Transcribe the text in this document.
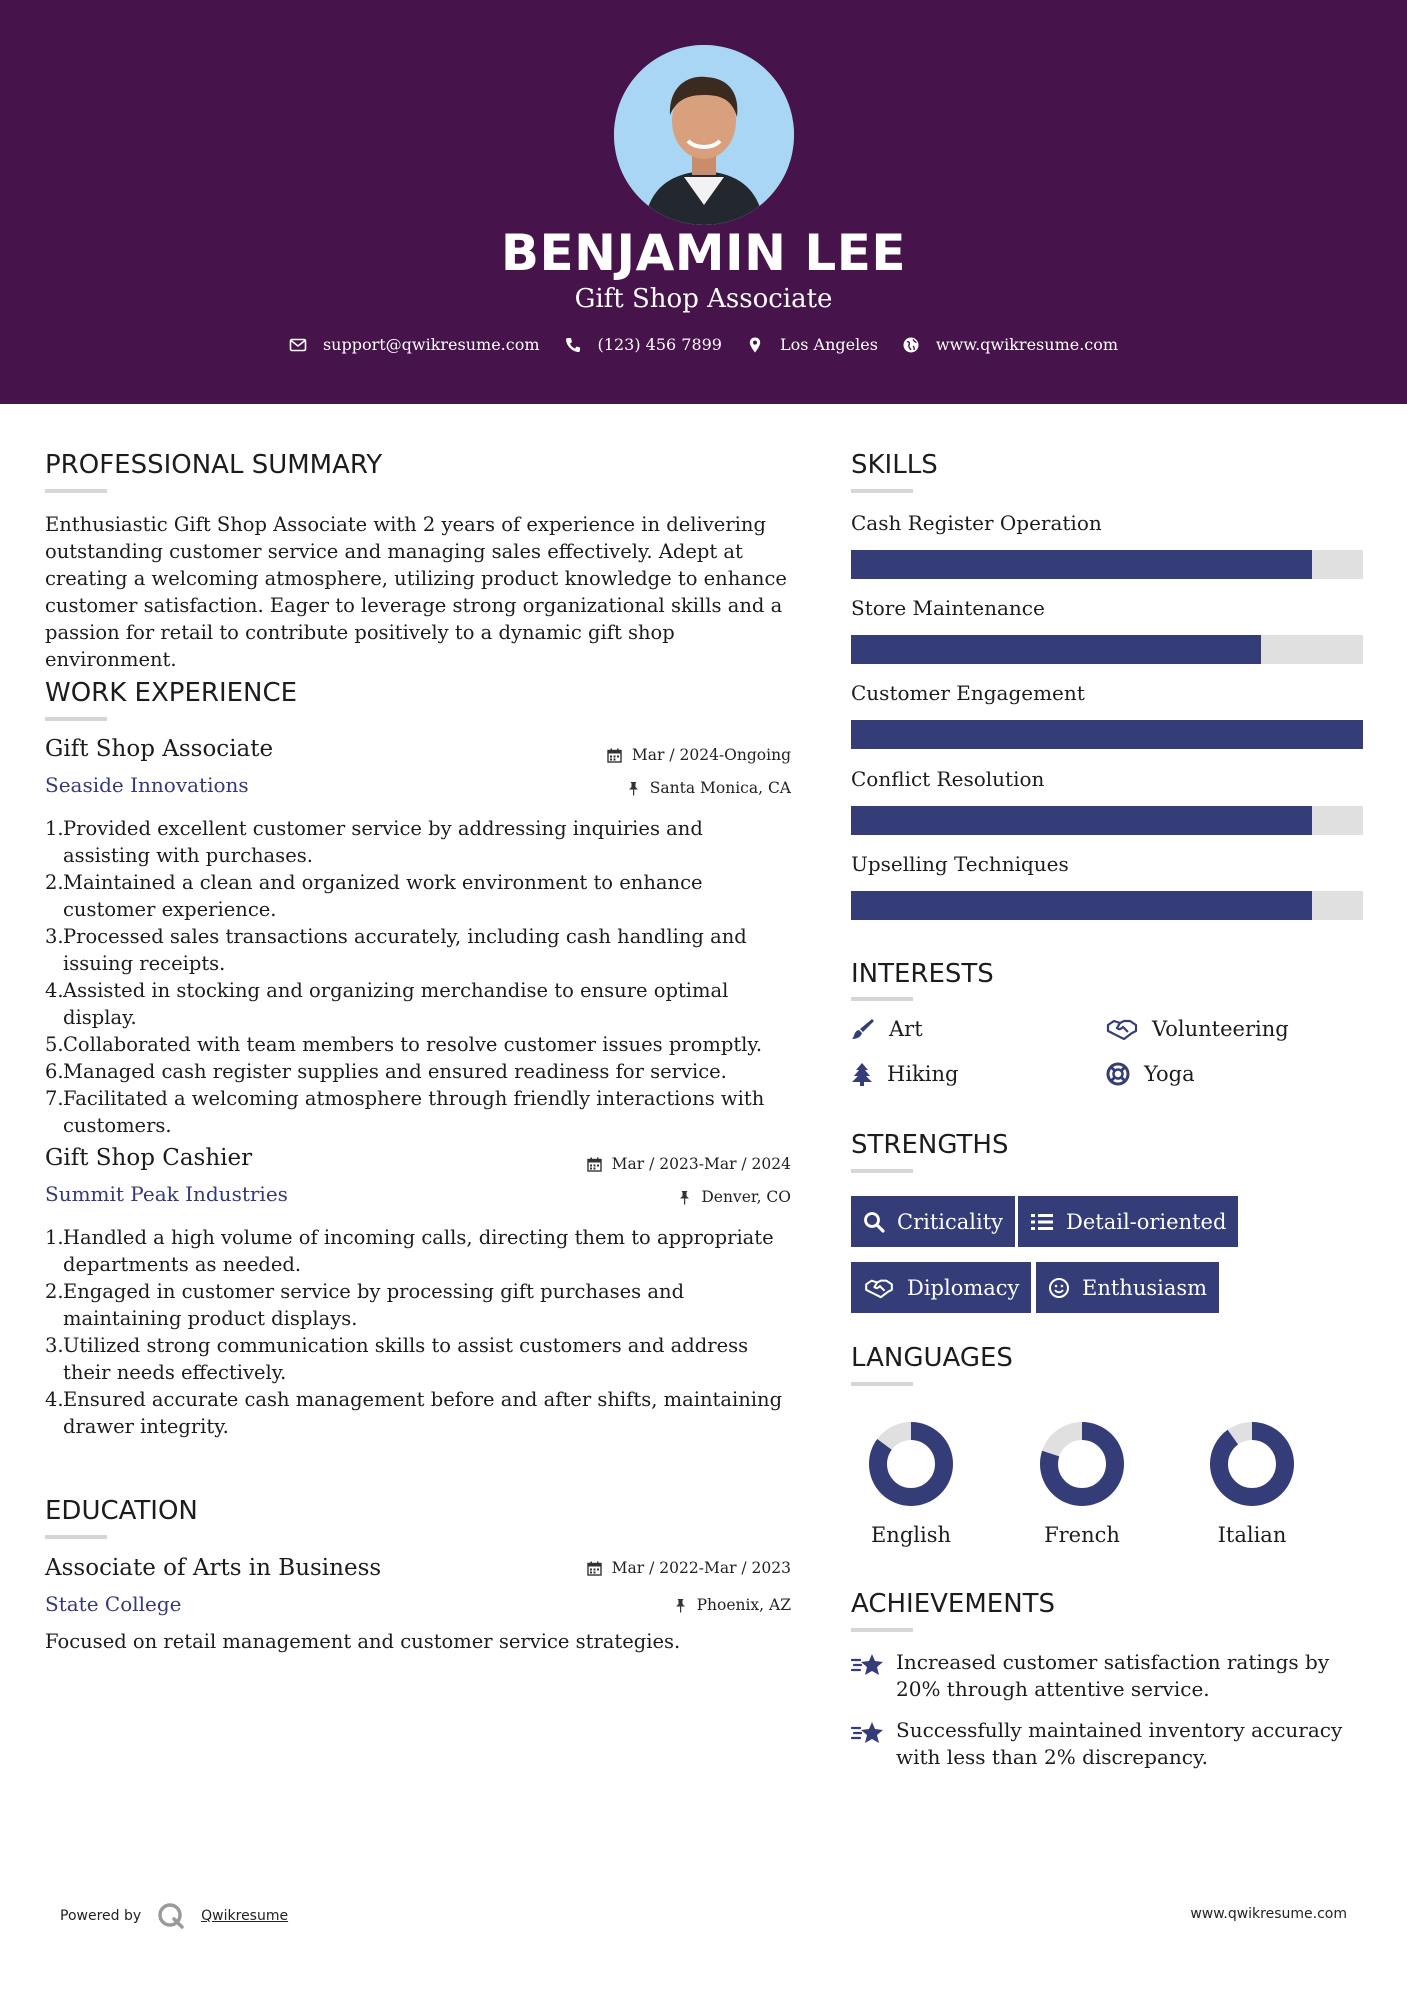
BENJAMIN LEE
Gift Shop Associate
support@qwikresume.com	(123) 456 7899	Los Angeles	www.qwikresume.com
PROFESSIONAL SUMMARY
Enthusiastic Gift Shop Associate with 2 years of experience in delivering outstanding customer service and managing sales effectively. Adept at creating a welcoming atmosphere, utilizing product knowledge to enhance customer satisfaction. Eager to leverage strong organizational skills and a passion for retail to contribute positively to a dynamic gift shop environment.
WORK EXPERIENCE
Gift Shop Associate
Seaside Innovations
Mar / 2024-Ongoing
Santa Monica, CA
1. Provided excellent customer service by addressing inquiries and assisting with purchases.
2. Maintained a clean and organized work environment to enhance customer experience.
3. Processed sales transactions accurately, including cash handling and issuing receipts.
4. Assisted in stocking and organizing merchandise to ensure optimal display.
5. Collaborated with team members to resolve customer issues promptly.
6. Managed cash register supplies and ensured readiness for service.
7. Facilitated a welcoming atmosphere through friendly interactions with customers.
Gift Shop Cashier
Summit Peak Industries
Mar / 2023-Mar / 2024
Denver, CO
1. Handled a high volume of incoming calls, directing them to appropriate departments as needed.
2. Engaged in customer service by processing gift purchases and maintaining product displays.
3. Utilized strong communication skills to assist customers and address their needs effectively.
4. Ensured accurate cash management before and after shifts, maintaining drawer integrity.
EDUCATION
Associate of Arts in Business
State College
Mar / 2022-Mar / 2023
Phoenix, AZ
Focused on retail management and customer service strategies.
SKILLS
Cash Register Operation
Store Maintenance
Customer Engagement
Conflict Resolution
Upselling Techniques
INTERESTS
Art	Volunteering
Hiking	Yoga
STRENGTHS
Criticality	Detail-oriented
Diplomacy	Enthusiasm
LANGUAGES
English	French	Italian
ACHIEVEMENTS
Increased customer satisfaction ratings by 20% through attentive service.
Successfully maintained inventory accuracy with less than 2% discrepancy.
Powered by	Qwikresume	www.qwikresume.com
